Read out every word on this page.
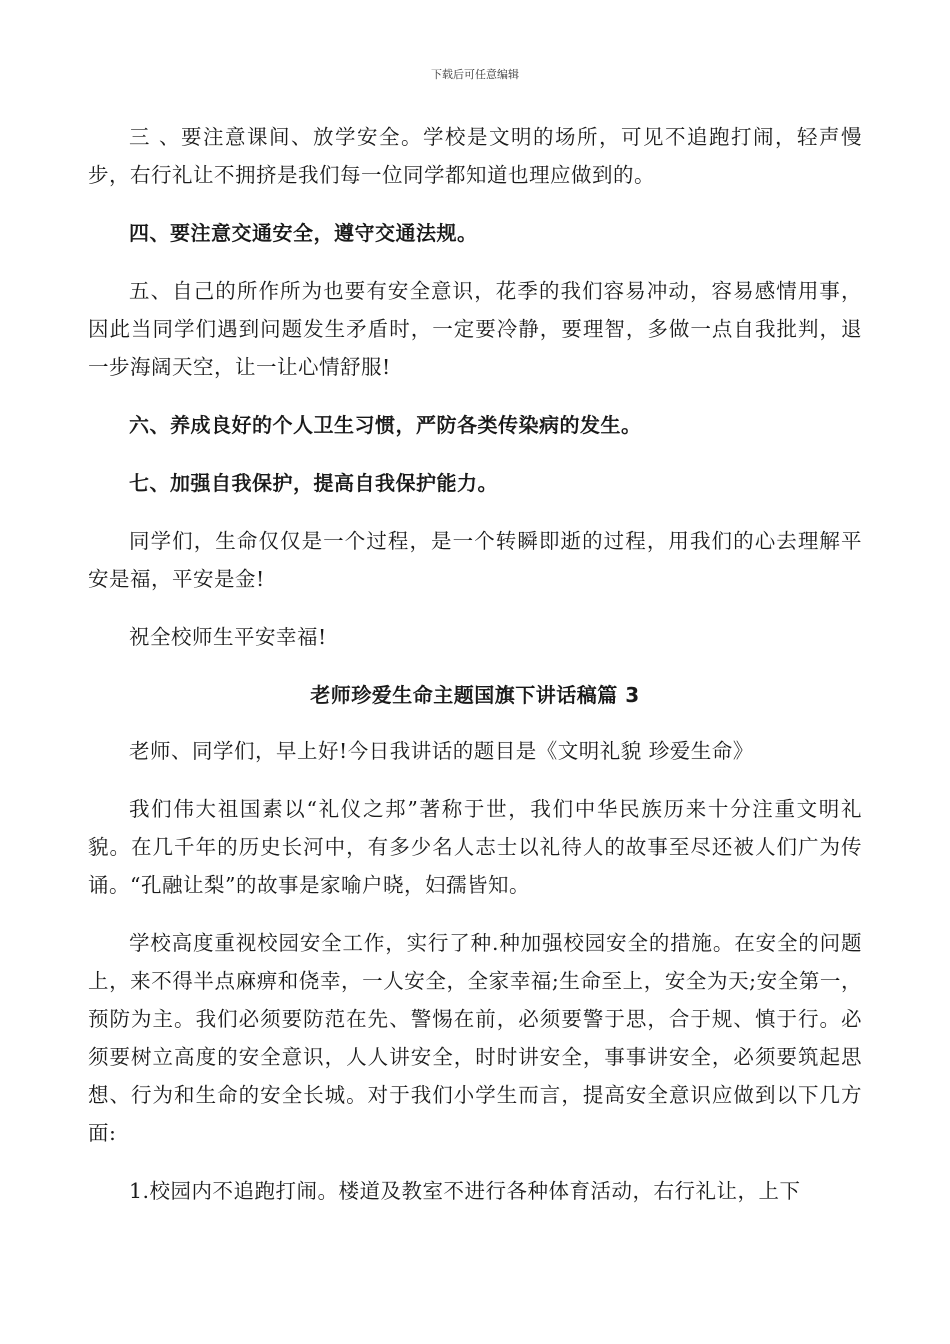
下载后可任意编辑

三 、要注意课间、放学安全。学校是文明的场所，可见不追跑打闹，轻声慢步，右行礼让不拥挤是我们每一位同学都知道也理应做到的。

四、要注意交通安全，遵守交通法规。

五、自己的所作所为也要有安全意识，花季的我们容易冲动，容易感情用事，因此当同学们遇到问题发生矛盾时，一定要冷静，要理智，多做一点自我批判，退一步海阔天空，让一让心情舒服!

六、养成良好的个人卫生习惯，严防各类传染病的发生。

七、加强自我保护，提高自我保护能力。

同学们，生命仅仅是一个过程，是一个转瞬即逝的过程，用我们的心去理解平安是福，平安是金!

祝全校师生平安幸福!

老师珍爱生命主题国旗下讲话稿篇 3

老师、同学们，早上好!今日我讲话的题目是《文明礼貌 珍爱生命》

我们伟大祖国素以“礼仪之邦”著称于世，我们中华民族历来十分注重文明礼貌。在几千年的历史长河中，有多少名人志士以礼待人的故事至尽还被人们广为传诵。“孔融让梨”的故事是家喻户晓，妇孺皆知。

学校高度重视校园安全工作，实行了种.种加强校园安全的措施。在安全的问题上，来不得半点麻痹和侥幸，一人安全，全家幸福;生命至上，安全为天;安全第一，预防为主。我们必须要防范在先、警惕在前，必须要警于思，合于规、慎于行。必须要树立高度的安全意识，人人讲安全，时时讲安全，事事讲安全，必须要筑起思想、行为和生命的安全长城。对于我们小学生而言，提高安全意识应做到以下几方面:

1.校园内不追跑打闹。楼道及教室不进行各种体育活动，右行礼让，上下
